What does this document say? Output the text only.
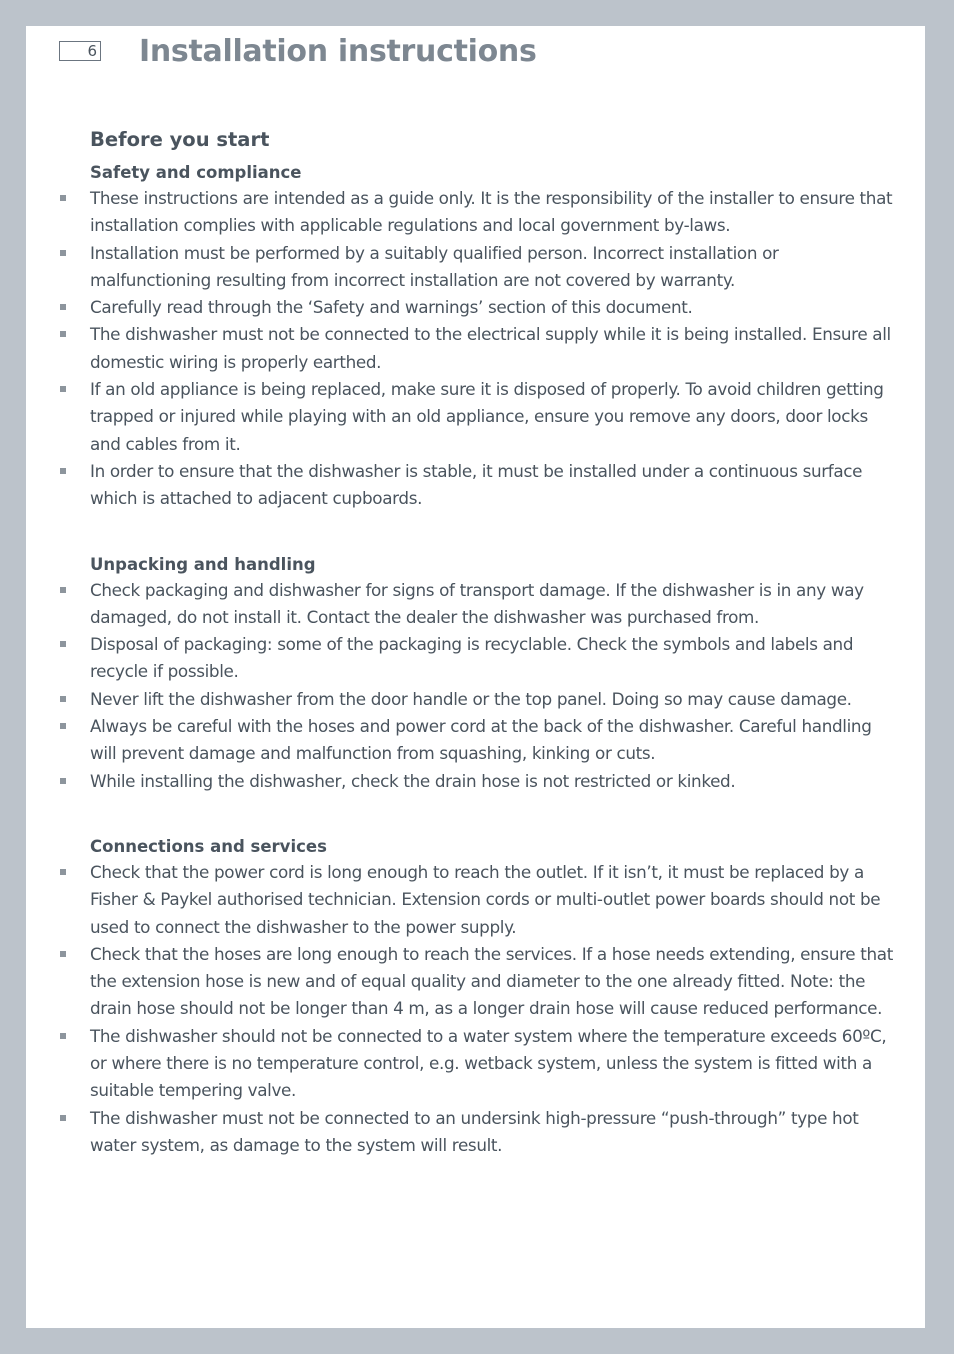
6 Installation instructions
Before you start
Safety and compliance
These instructions are intended as a guide only. It is the responsibility of the installer to ensure that installation complies with applicable regulations and local government by-laws.
Installation must be performed by a suitably qualified person. Incorrect installation or malfunctioning resulting from incorrect installation are not covered by warranty.
Carefully read through the ‘Safety and warnings’ section of this document.
The dishwasher must not be connected to the electrical supply while it is being installed. Ensure all domestic wiring is properly earthed.
If an old appliance is being replaced, make sure it is disposed of properly. To avoid children getting trapped or injured while playing with an old appliance, ensure you remove any doors, door locks and cables from it.
In order to ensure that the dishwasher is stable, it must be installed under a continuous surface which is attached to adjacent cupboards.
Unpacking and handling
Check packaging and dishwasher for signs of transport damage. If the dishwasher is in any way damaged, do not install it. Contact the dealer the dishwasher was purchased from.
Disposal of packaging: some of the packaging is recyclable. Check the symbols and labels and recycle if possible.
Never lift the dishwasher from the door handle or the top panel. Doing so may cause damage.
Always be careful with the hoses and power cord at the back of the dishwasher. Careful handling will prevent damage and malfunction from squashing, kinking or cuts.
While installing the dishwasher, check the drain hose is not restricted or kinked.
Connections and services
Check that the power cord is long enough to reach the outlet. If it isn’t, it must be replaced by a Fisher & Paykel authorised technician. Extension cords or multi-outlet power boards should not be used to connect the dishwasher to the power supply.
Check that the hoses are long enough to reach the services. If a hose needs extending, ensure that the extension hose is new and of equal quality and diameter to the one already fitted. Note: the drain hose should not be longer than 4 m, as a longer drain hose will cause reduced performance.
The dishwasher should not be connected to a water system where the temperature exceeds 60ºC, or where there is no temperature control, e.g. wetback system, unless the system is fitted with a suitable tempering valve.
The dishwasher must not be connected to an undersink high-pressure “push-through” type hot water system, as damage to the system will result.
